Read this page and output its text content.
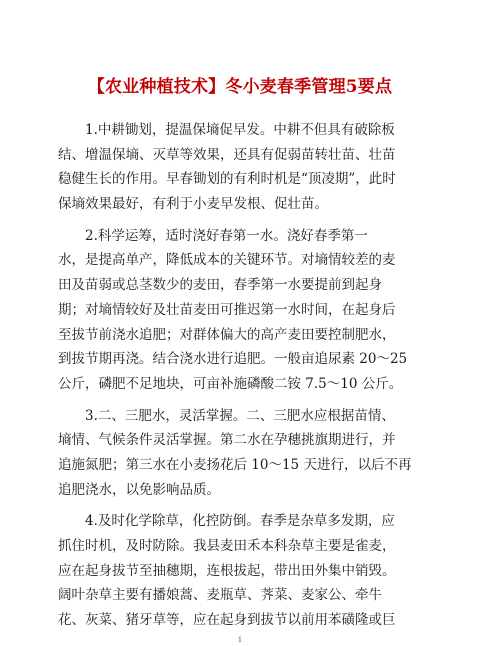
【农业种植技术】冬小麦春季管理5要点
1.中耕锄划，提温保墒促早发。中耕不但具有破除板
结、增温保墒、灭草等效果，还具有促弱苗转壮苗、壮苗
稳健生长的作用。早春锄划的有利时机是“顶凌期”，此时
保墒效果最好，有利于小麦早发根、促壮苗。
2.科学运筹，适时浇好春第一水。浇好春季第一
水，是提高单产，降低成本的关键环节。对墒情较差的麦
田及苗弱或总茎数少的麦田，春季第一水要提前到起身
期；对墒情较好及壮苗麦田可推迟第一水时间，在起身后
至拔节前浇水追肥；对群体偏大的高产麦田要控制肥水，
到拔节期再浇。结合浇水进行追肥。一般亩追尿素 20～25
公斤，磷肥不足地块，可亩补施磷酸二铵 7.5～10 公斤。
3.二、三肥水，灵活掌握。二、三肥水应根据苗情、
墒情、气候条件灵活掌握。第二水在孕穗挑旗期进行，并
追施氮肥；第三水在小麦扬花后 10～15 天进行，以后不再
追肥浇水，以免影响品质。
4.及时化学除草，化控防倒。春季是杂草多发期，应
抓住时机，及时防除。我县麦田禾本科杂草主要是雀麦，
应在起身拔节至抽穗期，连根拔起，带出田外集中销毁。
阔叶杂草主要有播娘蒿、麦瓶草、荠菜、麦家公、牵牛
花、灰菜、猪牙草等，应在起身到拔节以前用苯磺隆或巨
1
